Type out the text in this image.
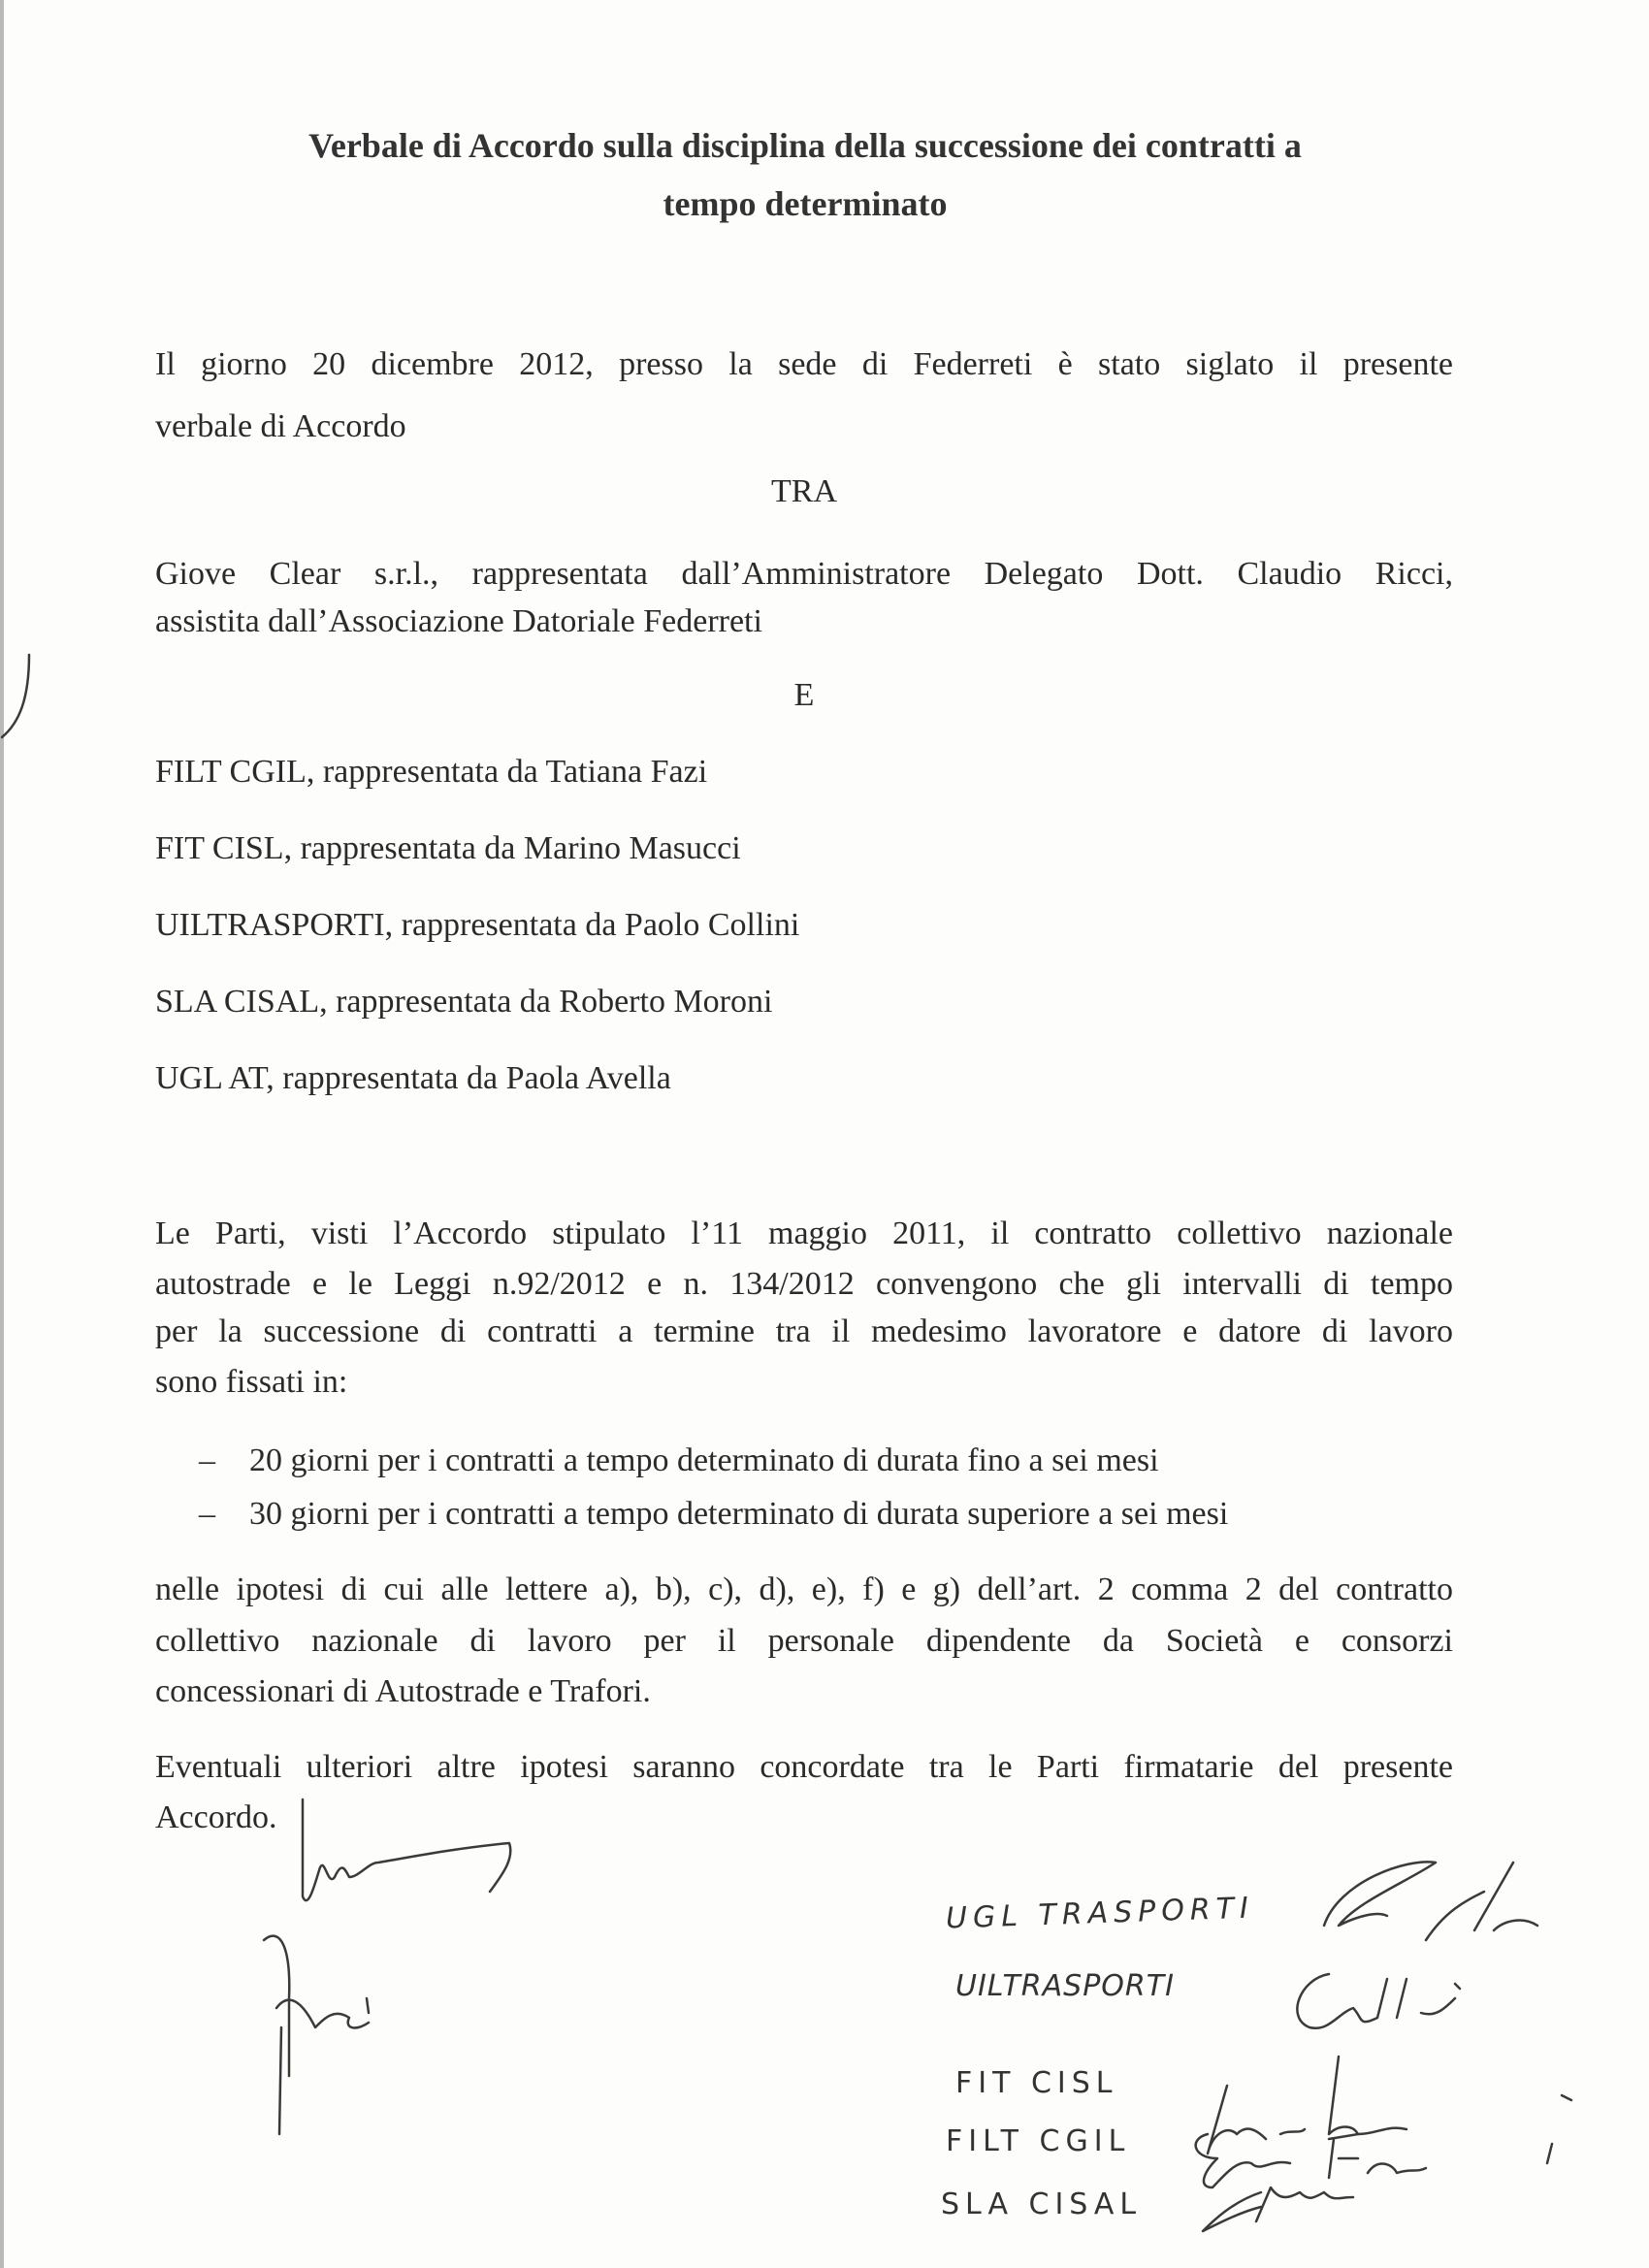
Verbale di Accordo sulla disciplina della successione dei contratti a
tempo determinato
Il giorno 20 dicembre 2012, presso la sede di Federreti è stato siglato il presente
verbale di Accordo
TRA
Giove Clear s.r.l., rappresentata dall’Amministratore Delegato Dott. Claudio Ricci,
assistita dall’Associazione Datoriale Federreti
E
FILT CGIL, rappresentata da Tatiana Fazi
FIT CISL, rappresentata da Marino Masucci
UILTRASPORTI, rappresentata da Paolo Collini
SLA CISAL, rappresentata da Roberto Moroni
UGL AT, rappresentata da Paola Avella
Le Parti, visti l’Accordo stipulato l’11 maggio 2011, il contratto collettivo nazionale
autostrade e le Leggi n.92/2012 e n. 134/2012 convengono che gli intervalli di tempo
per la successione di contratti a termine tra il medesimo lavoratore e datore di lavoro
sono fissati in:
– 20 giorni per i contratti a tempo determinato di durata fino a sei mesi
– 30 giorni per i contratti a tempo determinato di durata superiore a sei mesi
nelle ipotesi di cui alle lettere a), b), c), d), e), f) e g) dell’art. 2 comma 2 del contratto
collettivo nazionale di lavoro per il personale dipendente da Società e consorzi
concessionari di Autostrade e Trafori.
Eventuali ulteriori altre ipotesi saranno concordate tra le Parti firmatarie del presente
Accordo.
UGL TRASPORTI
UILTRASPORTI
FIT CISL
FILT CGIL
SLA CISAL
